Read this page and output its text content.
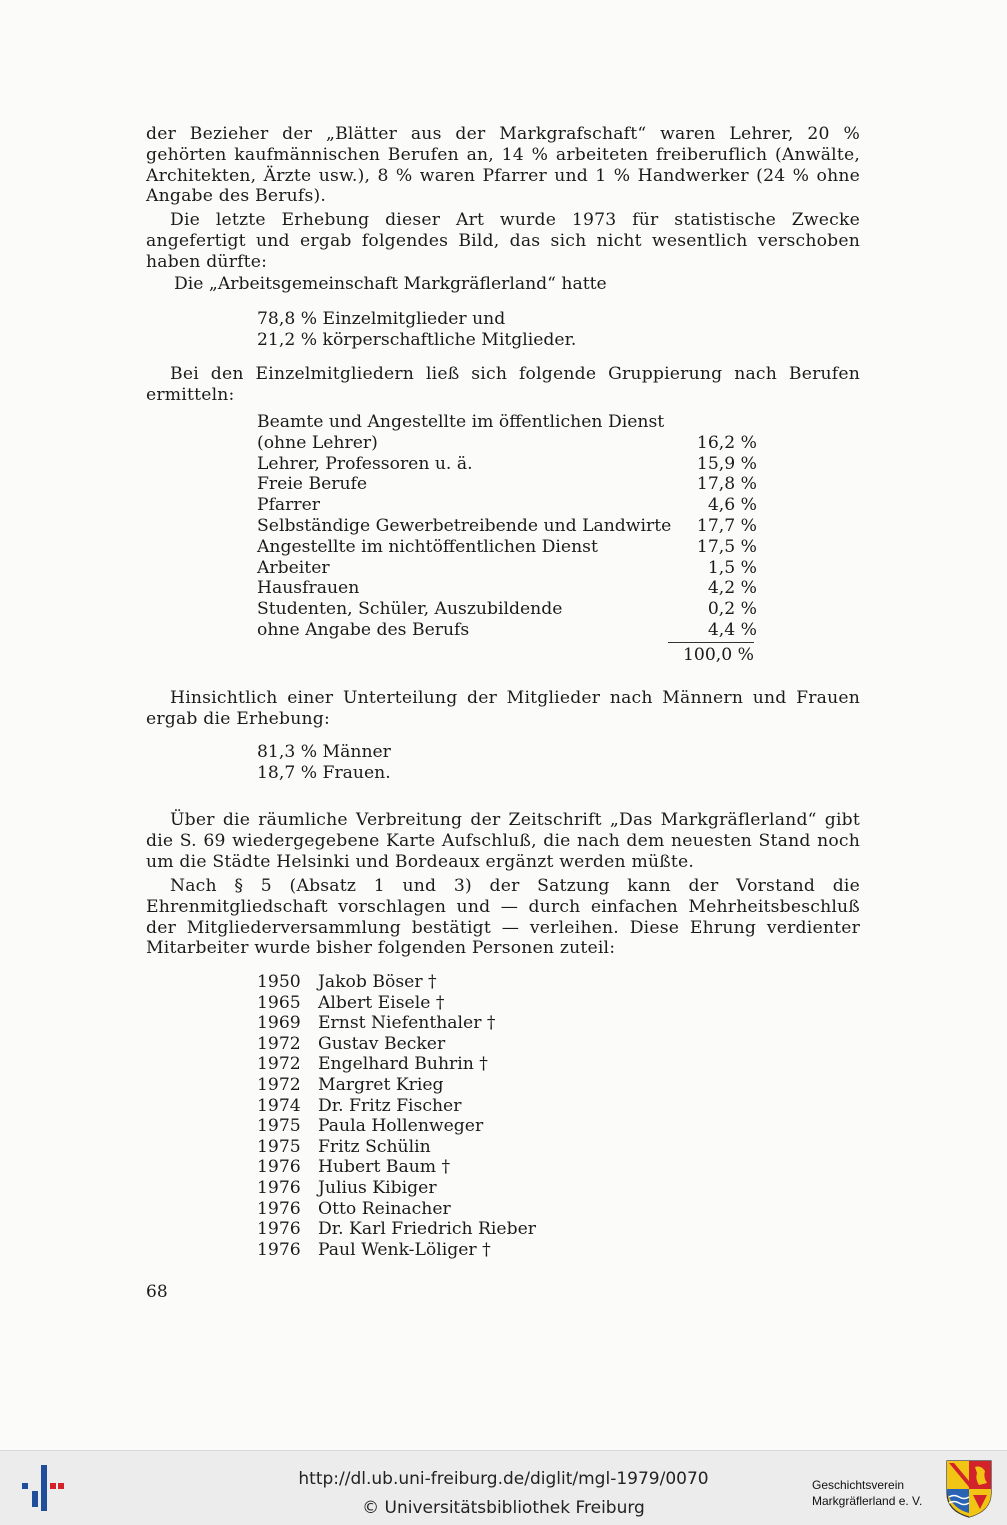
der Bezieher der „Blätter aus der Markgrafschaft“ waren Lehrer, 20 % gehörten kaufmännischen Berufen an, 14 % arbeiteten freiberuflich (Anwälte, Architekten, Ärzte usw.), 8 % waren Pfarrer und 1 % Handwerker (24 % ohne Angabe des Berufs).

Die letzte Erhebung dieser Art wurde 1973 für statistische Zwecke angefertigt und ergab folgendes Bild, das sich nicht wesentlich verschoben haben dürfte:

Die „Arbeitsgemeinschaft Markgräflerland“ hatte
78,8 % Einzelmitglieder und
21,2 % körperschaftliche Mitglieder.

Bei den Einzelmitgliedern ließ sich folgende Gruppierung nach Berufen ermitteln:

Beamte und Angestellte im öffentlichen Dienst
(ohne Lehrer)	16,2 %
Lehrer, Professoren u. ä.	15,9 %
Freie Berufe	17,8 %
Pfarrer	4,6 %
Selbständige Gewerbetreibende und Landwirte 17,7 %
Angestellte im nichtöffentlichen Dienst	17,5 %
Arbeiter	1,5 %
Hausfrauen	4,2 %
Studenten, Schüler, Auszubildende	0,2 %
ohne Angabe des Berufs	4,4 %
100,0 %

Hinsichtlich einer Unterteilung der Mitglieder nach Männern und Frauen ergab die Erhebung:

81,3 % Männer
18,7 % Frauen.

Über die räumliche Verbreitung der Zeitschrift „Das Markgräflerland“ gibt die S. 69 wiedergegebene Karte Aufschluß, die nach dem neuesten Stand noch um die Städte Helsinki und Bordeaux ergänzt werden müßte.

Nach § 5 (Absatz 1 und 3) der Satzung kann der Vorstand die Ehrenmitgliedschaft vorschlagen und — durch einfachen Mehrheitsbeschluß der Mitgliederversammlung bestätigt — verleihen. Diese Ehrung verdienter Mitarbeiter wurde bisher folgenden Personen zuteil:

1950 Jakob Böser †
1965 Albert Eisele †
1969 Ernst Niefenthaler †
1972 Gustav Becker
1972 Engelhard Buhrin †
1972 Margret Krieg
1974 Dr. Fritz Fischer
1975 Paula Hollenweger
1975 Fritz Schülin
1976 Hubert Baum †
1976 Julius Kibiger
1976 Otto Reinacher
1976 Dr. Karl Friedrich Rieber
1976 Paul Wenk-Löliger †
68
http://dl.ub.uni-freiburg.de/diglit/mgl-1979/0070
© Universitätsbibliothek Freiburg
Geschichtsverein
Markgräflerland e. V.
